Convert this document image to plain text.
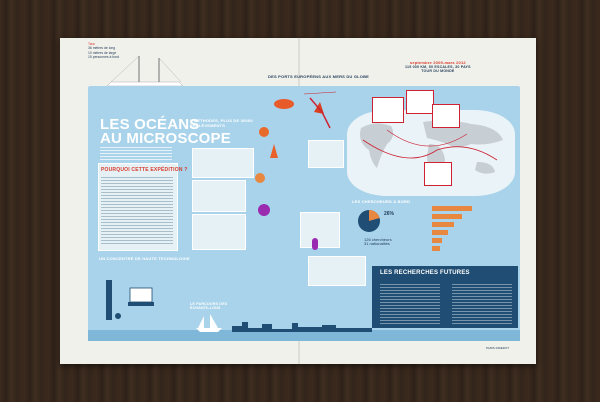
Tara
36 mètres de long
10 mètres de large
15 personnes à bord
DES PORTS EUROPÉENS AUX MERS DU GLOBE
septembre 2009-mars 2012
115 000 KM, 50 ESCALES, 30 PAYS
TOUR DU MONDE
LES OCÉANS
AU MICROSCOPE
POURQUOI CETTE EXPÉDITION ?
UN CONCENTRÉ DE HAUTE TECHNOLOGIE
3 MÉTHODES, PLUS DE 30000 PRÉLÈVEMENTS
LES CHERCHEURS À BORD
26%
126 chercheurs
31 nationalités
LES RECHERCHES FUTURES
LE PARCOURS DES ÉCHANTILLONS
PARIS DIDEROT
